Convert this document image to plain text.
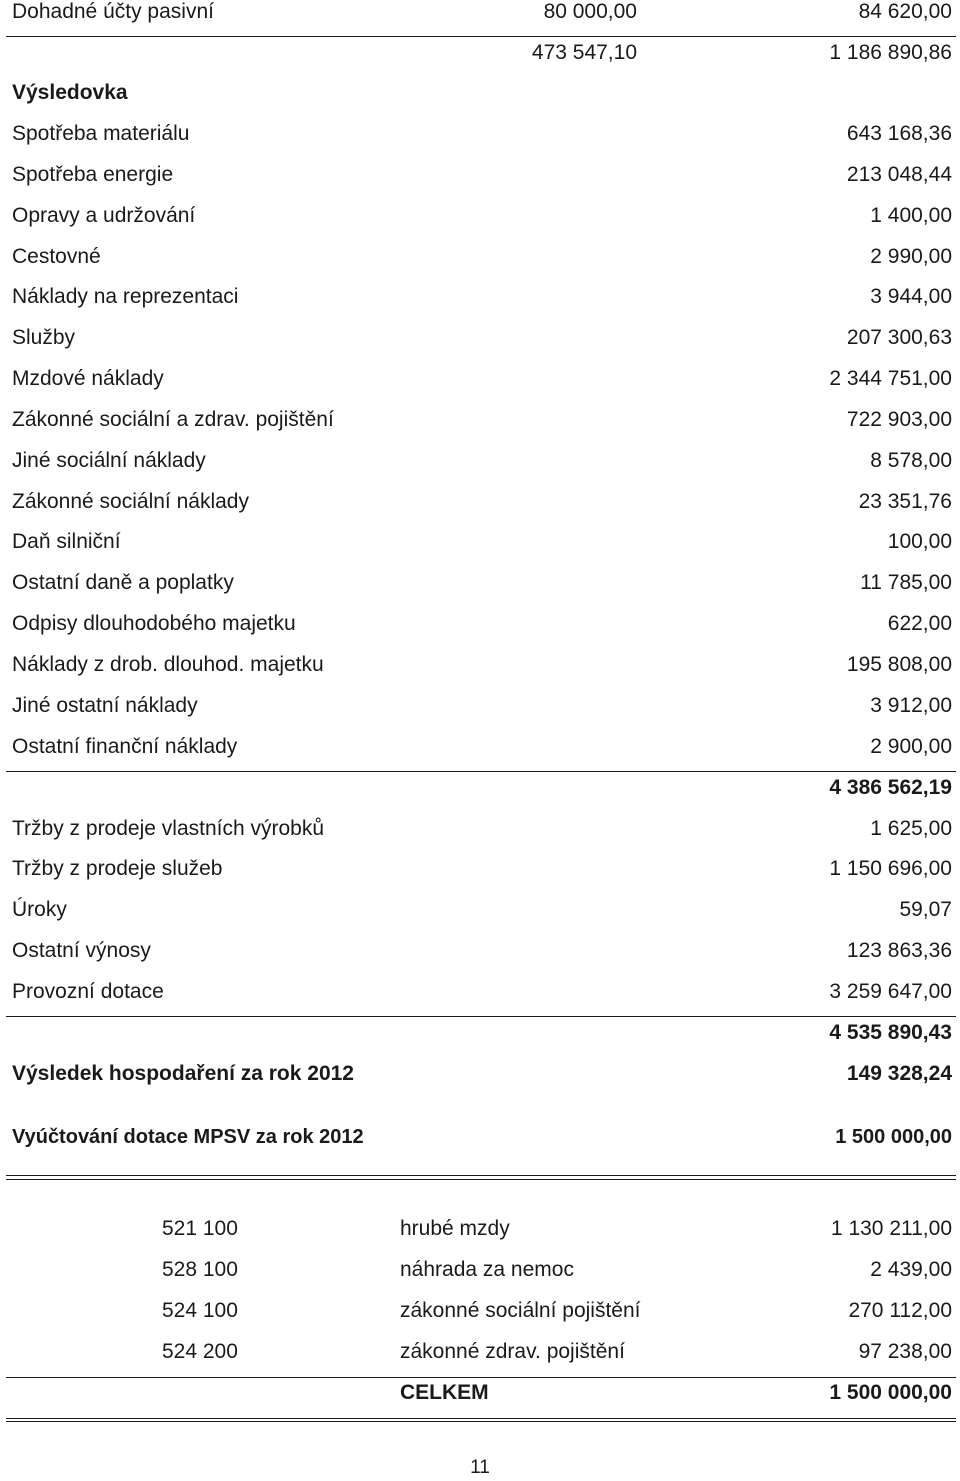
Dohadné účty pasivní	80 000,00	84 620,00
473 547,10	1 186 890,86
Výsledovka
Spotřeba materiálu	643 168,36
Spotřeba energie	213 048,44
Opravy a udržování	1 400,00
Cestovné	2 990,00
Náklady na reprezentaci	3 944,00
Služby	207 300,63
Mzdové náklady	2 344 751,00
Zákonné sociální a zdrav. pojištění	722 903,00
Jiné sociální náklady	8 578,00
Zákonné sociální náklady	23 351,76
Daň silniční	100,00
Ostatní daně a poplatky	11 785,00
Odpisy dlouhodobého majetku	622,00
Náklady z drob. dlouhod. majetku	195 808,00
Jiné ostatní náklady	3 912,00
Ostatní finanční náklady	2 900,00
4 386 562,19
Tržby z prodeje vlastních výrobků	1 625,00
Tržby z prodeje služeb	1 150 696,00
Úroky	59,07
Ostatní výnosy	123 863,36
Provozní dotace	3 259 647,00
4 535 890,43
Výsledek hospodaření za rok 2012	149 328,24
Vyúčtování dotace MPSV za rok 2012	1 500 000,00
521 100	hrubé mzdy	1 130 211,00
528 100	náhrada za nemoc	2 439,00
524 100	zákonné sociální pojištění	270 112,00
524 200	zákonné zdrav. pojištění	97 238,00
CELKEM	1 500 000,00
11
